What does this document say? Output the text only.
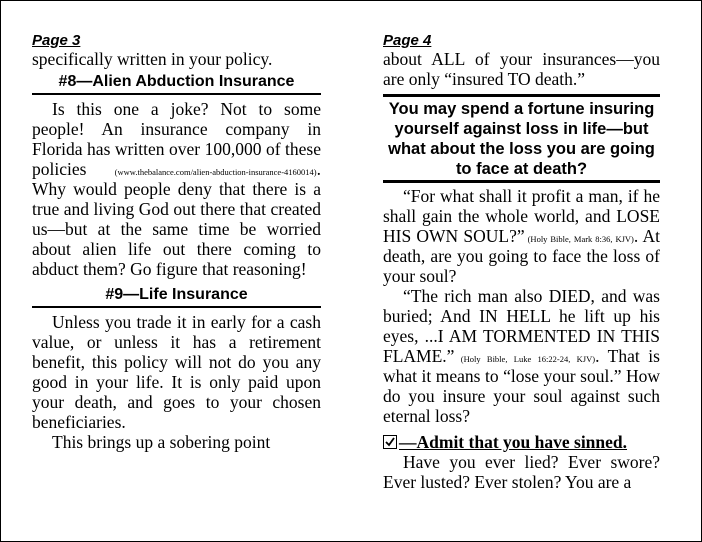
Page 3

specifically written in your policy.

#8—Alien Abduction Insurance

Is this one a joke? Not to some people! An insurance company in Florida has written over 100,000 of these policies (www.thebalance.com/alien-abduction-insurance-4160014). Why would people deny that there is a true and living God out there that created us—but at the same time be worried about alien life out there coming to abduct them? Go figure that reasoning!

#9—Life Insurance

Unless you trade it in early for a cash value, or unless it has a retirement benefit, this policy will not do you any good in your life. It is only paid upon your death, and goes to your chosen beneficiaries.

This brings up a sobering point

Page 4

about ALL of your insurances—you are only “insured TO death.”

You may spend a fortune insuring yourself against loss in life—but what about the loss you are going to face at death?

“For what shall it profit a man, if he shall gain the whole world, and LOSE HIS OWN SOUL?” (Holy Bible, Mark 8:36, KJV). At death, are you going to face the loss of your soul?

“The rich man also DIED, and was buried; And IN HELL he lift up his eyes, ...I AM TORMENTED IN THIS FLAME.” (Holy Bible, Luke 16:22-24, KJV). That is what it means to “lose your soul.” How do you insure your soul against such eternal loss?

—Admit that you have sinned.

Have you ever lied? Ever swore? Ever lusted? Ever stolen? You are a
